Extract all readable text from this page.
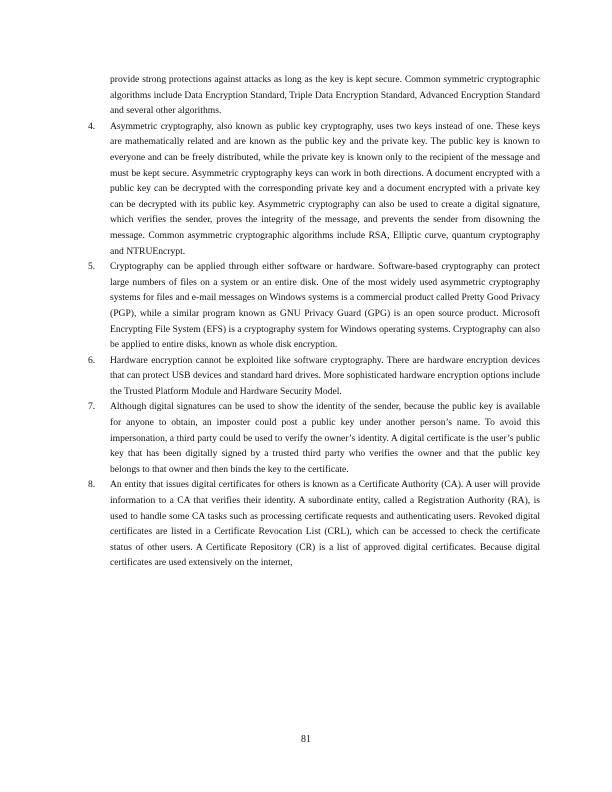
provide strong protections against attacks as long as the key is kept secure. Common symmetric cryptographic algorithms include Data Encryption Standard, Triple Data Encryption Standard, Advanced Encryption Standard and several other algorithms.

4.	Asymmetric cryptography, also known as public key cryptography, uses two keys instead of one. These keys are mathematically related and are known as the public key and the private key. The public key is known to everyone and can be freely distributed, while the private key is known only to the recipient of the message and must be kept secure. Asymmetric cryptography keys can work in both directions. A document encrypted with a public key can be decrypted with the corresponding private key and a document encrypted with a private key can be decrypted with its public key. Asymmetric cryptography can also be used to create a digital signature, which verifies the sender, proves the integrity of the message, and prevents the sender from disowning the message. Common asymmetric cryptographic algorithms include RSA, Elliptic curve, quantum cryptography and NTRUEncrypt.
5.	Cryptography can be applied through either software or hardware. Software-based cryptography can protect large numbers of files on a system or an entire disk. One of the most widely used asymmetric cryptography systems for files and e-mail messages on Windows systems is a commercial product called Pretty Good Privacy (PGP), while a similar program known as GNU Privacy Guard (GPG) is an open source product. Microsoft Encrypting File System (EFS) is a cryptography system for Windows operating systems. Cryptography can also be applied to entire disks, known as whole disk encryption.
6.	Hardware encryption cannot be exploited like software cryptography. There are hardware encryption devices that can protect USB devices and standard hard drives. More sophisticated hardware encryption options include the Trusted Platform Module and Hardware Security Model.
7.	Although digital signatures can be used to show the identity of the sender, because the public key is available for anyone to obtain, an imposter could post a public key under another person’s name. To avoid this impersonation, a third party could be used to verify the owner’s identity. A digital certificate is the user’s public key that has been digitally signed by a trusted third party who verifies the owner and that the public key belongs to that owner and then binds the key to the certificate.
8.	An entity that issues digital certificates for others is known as a Certificate Authority (CA). A user will provide information to a CA that verifies their identity. A subordinate entity, called a Registration Authority (RA), is used to handle some CA tasks such as processing certificate requests and authenticating users. Revoked digital certificates are listed in a Certificate Revocation List (CRL), which can be accessed to check the certificate status of other users. A Certificate Repository (CR) is a list of approved digital certificates. Because digital certificates are used extensively on the internet,
81
